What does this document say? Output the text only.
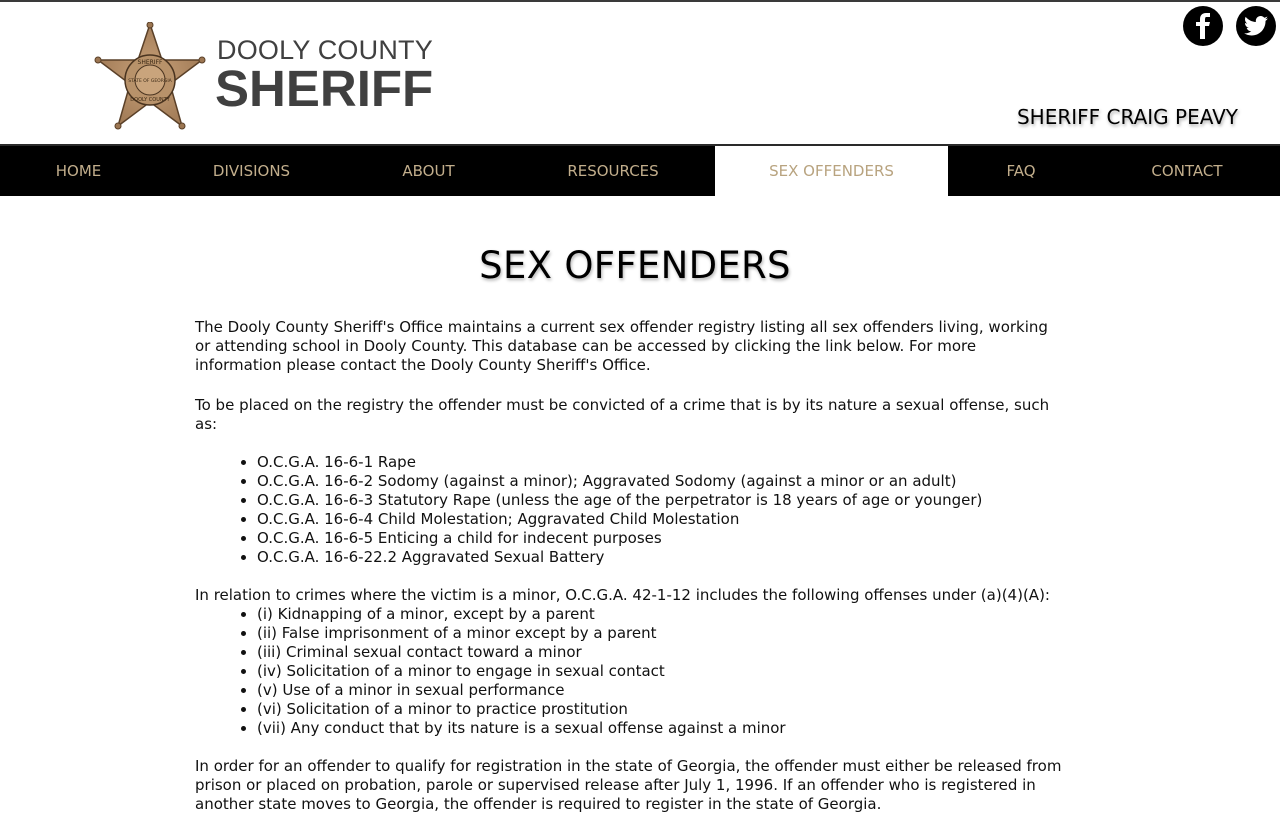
SHERIFF
STATE OF GEORGIA
DOOLY COUNTY
DOOLY COUNTY
SHERIFF	SHERIFF CRAIG PEAVY
HOME	DIVISIONS	ABOUT	RESOURCES	SEX OFFENDERS	FAQ	CONTACT
SEX OFFENDERS

The Dooly County Sheriff's Office maintains a current sex offender registry listing all sex offenders living, working or attending school in Dooly County. This database can be accessed by clicking the link below. For more information please contact the Dooly County Sheriff's Office.

To be placed on the registry the offender must be convicted of a crime that is by its nature a sexual offense, such as:

• O.C.G.A. 16-6-1 Rape
• O.C.G.A. 16-6-2 Sodomy (against a minor); Aggravated Sodomy (against a minor or an adult)
• O.C.G.A. 16-6-3 Statutory Rape (unless the age of the perpetrator is 18 years of age or younger)
• O.C.G.A. 16-6-4 Child Molestation; Aggravated Child Molestation
• O.C.G.A. 16-6-5 Enticing a child for indecent purposes
• O.C.G.A. 16-6-22.2 Aggravated Sexual Battery

In relation to crimes where the victim is a minor, O.C.G.A. 42-1-12 includes the following offenses under (a)(4)(A):

• (i) Kidnapping of a minor, except by a parent
• (ii) False imprisonment of a minor except by a parent
• (iii) Criminal sexual contact toward a minor
• (iv) Solicitation of a minor to engage in sexual contact
• (v) Use of a minor in sexual performance
• (vi) Solicitation of a minor to practice prostitution
• (vii) Any conduct that by its nature is a sexual offense against a minor

In order for an offender to qualify for registration in the state of Georgia, the offender must either be released from prison or placed on probation, parole or supervised release after July 1, 1996. If an offender who is registered in another state moves to Georgia, the offender is required to register in the state of Georgia.
